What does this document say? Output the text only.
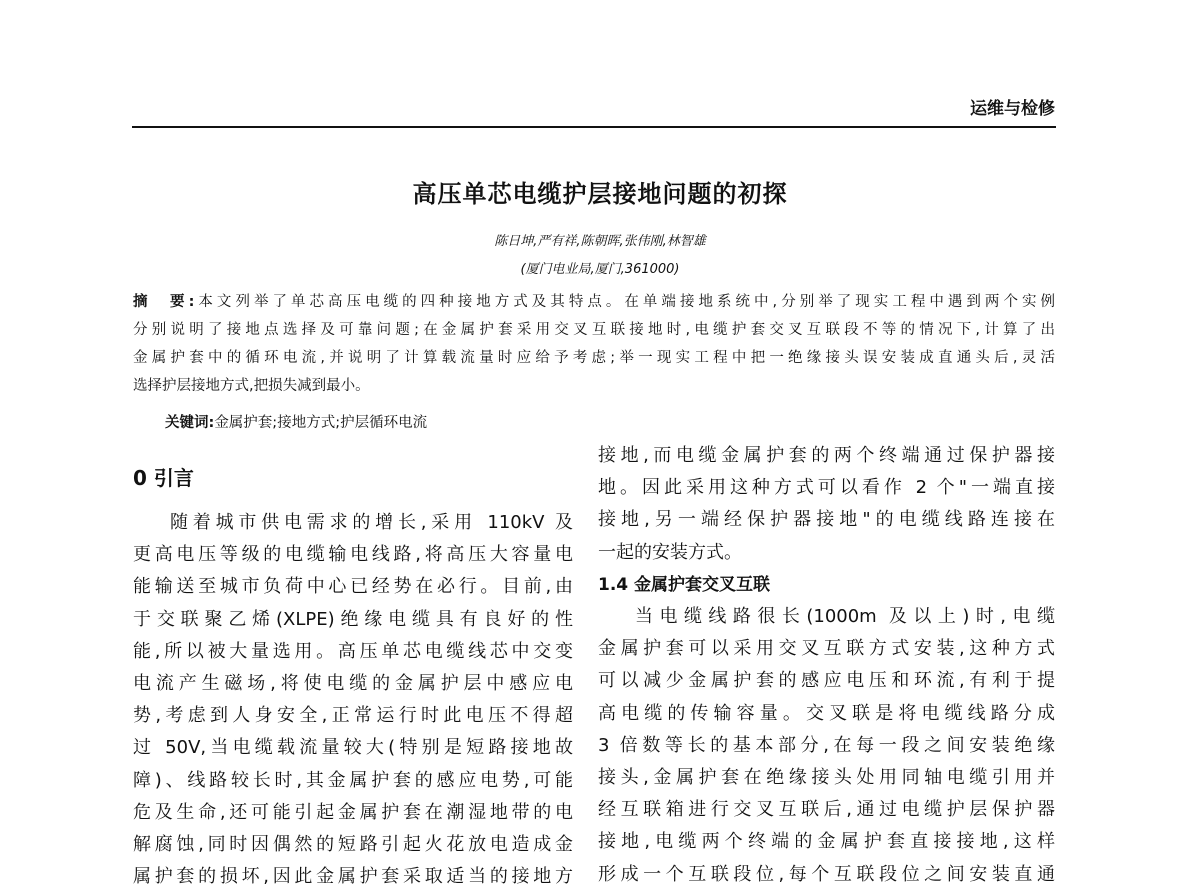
运维与检修
高压单芯电缆护层接地问题的初探
陈日坤,严有祥,陈朝晖,张伟刚,林智雄
(厦门电业局,厦门,361000)
摘　要:本文列举了单芯高压电缆的四种接地方式及其特点。在单端接地系统中,分别举了现实工程中遇到两个实例
分别说明了接地点选择及可靠问题;在金属护套采用交叉互联接地时,电缆护套交叉互联段不等的情况下,计算了出
金属护套中的循环电流,并说明了计算载流量时应给予考虑;举一现实工程中把一绝缘接头误安装成直通头后,灵活
选择护层接地方式,把损失减到最小。
关键词:金属护套;接地方式;护层循环电流
0 引言
随着城市供电需求的增长,采用 110kV 及
更高电压等级的电缆输电线路,将高压大容量电
能输送至城市负荷中心已经势在必行。目前,由
于交联聚乙烯(XLPE)绝缘电缆具有良好的性
能,所以被大量选用。高压单芯电缆线芯中交变
电流产生磁场,将使电缆的金属护层中感应电
势,考虑到人身安全,正常运行时此电压不得超
过 50V,当电缆载流量较大(特别是短路接地故
障)、线路较长时,其金属护套的感应电势,可能
危及生命,还可能引起金属护套在潮湿地带的电
解腐蚀,同时因偶然的短路引起火花放电造成金
属护套的损坏,因此金属护套采取适当的接地方
接地,而电缆金属护套的两个终端通过保护器接
地。因此采用这种方式可以看作 2 个"一端直接
接地,另一端经保护器接地"的电缆线路连接在
一起的安装方式。
当电缆线路很长(1000m 及以上)时,电缆
金属护套可以采用交叉互联方式安装,这种方式
可以减少金属护套的感应电压和环流,有利于提
高电缆的传输容量。交叉联是将电缆线路分成
3 倍数等长的基本部分,在每一段之间安装绝缘
接头,金属护套在绝缘接头处用同轴电缆引用并
经互联箱进行交叉互联后,通过电缆护层保护器
接地,电缆两个终端的金属护套直接接地,这样
形成一个互联段位,每个互联段位之间安装直通
1.4 金属护套交叉互联
